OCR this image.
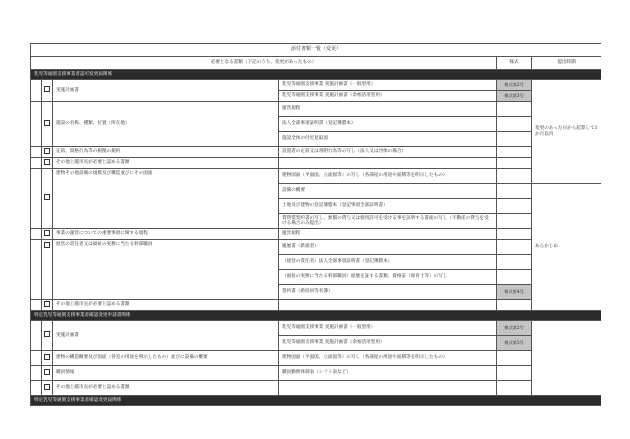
添付書類一覧（変更）					
必要となる書類（下記のうち、変更があったもの）				様式	提出時期
乳児等通園支援事業者認可変更届関係					
		実施計画書	乳児等通園支援事業 実施計画書（一般型用）	様式第2号	変更のあった日から起算して1か月以内
			乳児等通園支援事業 実施計画書（余裕活用型用）	様式第3号	
		施設の名称、種類、位置（所在地）	運営規程		
			法人全部事項証明書（登記簿謄本）		
			施設全体の付近見取図		
		定款、資格行為等の根拠の規約	設置者の定款又は寄附行為等の写し（法人又は団体の場合）		
		その他上越市長が必要と認める書類			
		建物その他設備の規模及び構造並びにその図面	建物図面（平面図、立面図等）の写し（各部屋の用途や面積等を明示したもの）		
			設備の概要		あらかじめ
			土地及び建物の登記簿謄本（登記事項全部証明書）		
			賃貸借契約書の写し、無償の貸与又は使用許可を受ける事を証明する書面の写し（不動産の貸与を受ける場合のみ提出）		
		事業の運営についての重要事項に関する規程	運営規程		
		経営の責任者又は福祉の実務に当たる幹部職員	履歴書（新規者）		
			（経営の責任者）法人全部事項証明書（登記簿謄本）		
			（福祉の実務に当たる幹部職員）経歴を証する書類、資格証（保育士等）の写し		
			誓約書（新役員等名簿）	様式第4号	
		その他上越市長が必要と認める書類			
特定乳児等通園支援事業者確認変更申請書関係					
		実施計画書	乳児等通園支援事業 実施計画書（一般型用）	様式第2号	
			乳児等通園支援事業 実施計画書（余裕活用型用）	様式第3号	
		建物の構造概要及び図面（各室の用途を明示したもの）並びに設備の概要	建物図面（平面図、立面図等）の写し（各部屋の用途や面積等を明示したもの）		
		職員情報	職員勤務体制表（シフト表など）		
		その他上越市長が必要と認める書類			
特定乳児等通園支援事業者確認変更届関係					
